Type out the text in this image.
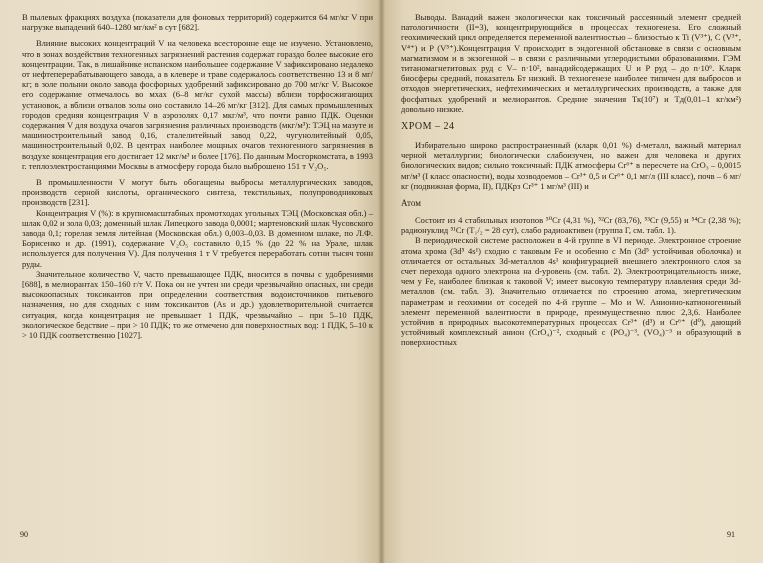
В пылевых фракциях воздуха (показатели для фоновых территорий) содержится 64 мг/кг V при нагрузке выпадений 640–1280 мг/км² в сут [682].

Влияние высоких концентраций V на человека всесторонне еще не изучено. Установлено, что в зонах воздействия техногенных загрязнений растения содержат гораздо более высокие его концентрации. Так, в лишайнике испанском наибольшее содержание V зафиксировано недалеко от нефтеперерабатывающего завода, а в клевере и траве содержалось соответственно 13 и 8 мг/кг; в золе полыни около завода фосфорных удобрений зафиксировано до 700 мг/кг V. Высокое его содержание отмечалось во мхах (6–8 мг/кг сухой массы) вблизи торфосжигающих установок, а вблизи отвалов золы оно составило 14–26 мг/кг [312]. Для самых промышленных городов средняя концентрация V в аэрозолях 0,17 мкг/м³, что почти равно ПДК. Оценки содержания V для воздуха очагов загрязнения различных производств (мкг/м³): ТЭЦ на мазуте и машиностроительный завод 0,16, сталелитейный завод 0,22, чугунолитейный 0,05, машиностроительный 0,02. В центрах наиболее мощных очагов техногенного загрязнения в воздухе концентрация его достигает 12 мкг/м³ и более [176]. По данным Мосгоркомстата, в 1993 г. теплоэлектростанциями Москвы в атмосферу города было выброшено 151 т V₂O₅.

В промышленности V могут быть обогащены выбросы металлургических заводов, производств серной кислоты, органического синтеза, текстильных, полупроводниковых производств [231].

Концентрация V (%): в крупномасштабных промотходах угольных ТЭЦ (Московская обл.) – шлак 0,02 и зола 0,03; доменный шлак Липецкого завода 0,0001; мартеновский шлак Чусовского завода 0,1; горелая земля литейная (Московская обл.) 0,003–0,03. В доменном шлаке, по Л.Ф. Борисенко и др. (1991), содержание V₂O₅ составило 0,15 % (до 22 % на Урале, шлак используется для получения V). Для получения 1 т V требуется переработать сотни тысяч тонн руды.

Значительное количество V, часто превышающее ПДК, вносится в почвы с удобрениями [688], в мелиорантах 150–160 г/т V. Пока он не учтен ни среди чрезвычайно опасных, ни среди высокоопасных токсикантов при определении соответствия водоисточников питьевого назначения, но для сходных с ним токсикантов (As и др.) удовлетворительной считается ситуация, когда концентрация не превышает 1 ПДК, чрезвычайно – при 5–10 ПДК, экологическое бедствие – при > 10 ПДК; то же отмечено для поверхностных вод: 1 ПДК, 5–10 к > 10 ПДК соответственно [1027].

90

Выводы. Ванадий важен экологически как токсичный рассеянный элемент средней патологичности (II=3), концентрирующийся в процессах техногенеза. Его сложный геохимический цикл определяется переменной валентностью – близостью к Ti (V³⁺), C (V³⁺, V⁴⁺) и P (V⁵⁺).Концентрация V происходит в эндогенной обстановке в связи с основным магматизмом и в экзогенной – в связи с различными углеродистыми образованиями. ГЭМ титаномагнетитовых руд с V– n·10², ванадийсодержащих U и P руд – до n·10⁶. Кларк биосферы средний, показатель Бт низкий. В техногенезе наиболее типичен для выбросов и отходов энергетических, нефтехимических и металлургических производств, а также для фосфатных удобрений и мелиорантов. Средние значения Тк(10⁷) и Тд(0,01–1 кг/км²) довольно низкие.

ХРОМ – 24

Избирательно широко распространенный (кларк 0,01 %) d-металл, важный материал черной металлургии; биологически слабоизучен, но важен для человека и других биологических видов; сильно токсичный: ПДК атмосферы Cr⁶⁺ в пересчете на CrO₃ – 0,0015 мг/м³ (I класс опасности), воды хозводоемов – Cr³⁺ 0,5 и Cr⁶⁺ 0,1 мг/л (III класс), почв – 6 мг/кг (подвижная форма, II), ПДКрз Cr³⁺ 1 мг/м³ (III) и

Атом

Состоит из 4 стабильных изотопов ⁵⁰Cr (4,31 %), ⁵²Cr (83,76), ⁵³Cr (9,55) и ⁵⁴Cr (2,38 %); радионуклид ⁵¹Cr (T₁/₂ = 28 сут), слабо радиоактивен (группа Г, см. табл. 1).

В периодической системе расположен в 4-й группе в VI периоде. Электронное строение атома хрома (3d⁵ 4s¹) сходно с таковым Fe и особенно с Mn (3d⁵ устойчивая оболочка) и отличается от остальных 3d-металлов 4s¹ конфигурацией внешнего электронного слоя за счет перехода одного электрона на d-уровень (см. табл. 2). Электроотрицательность ниже, чем у Fe, наиболее близкая к таковой V; имеет высокую температуру плавления среди 3d-металлов (см. табл. 3). Значительно отличается по строению атома, энергетическим параметрам и геохимии от соседей по 4-й группе – Mo и W. Анионно-катионогенный элемент переменной валентности в природе, преимущественно плюс 2,3,6. Наиболее устойчив в природных высокотемпературных процессах Cr³⁺ (d³) и Cr⁶⁺ (d⁰), дающий устойчивый комплексный анион (CrO₄)⁻², сходный с (PO₄)⁻³, (VO₄)⁻³ и образующий в поверхностных

91
